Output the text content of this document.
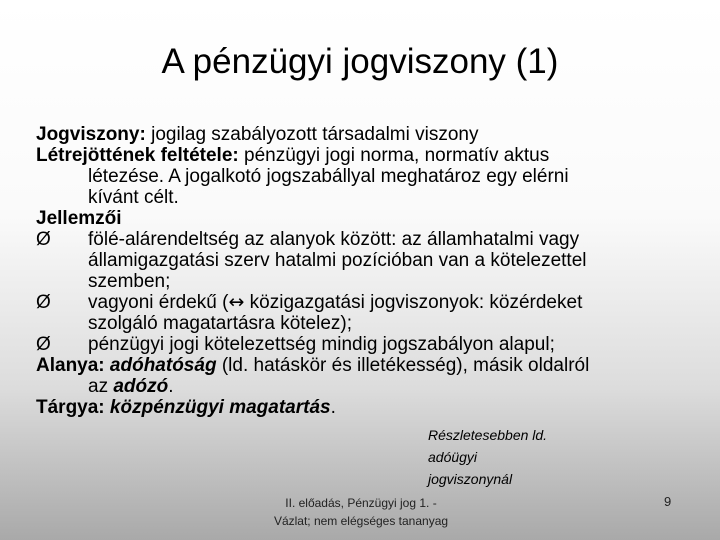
A pénzügyi jogviszony (1)

Jogviszony: jogilag szabályozott társadalmi viszony

Létrejöttének feltétele: pénzügyi jogi norma, normatív aktus
létezése. A jogalkotó jogszabállyal meghatároz egy elérni
kívánt célt.

Jellemzői

Ø	fölé-alárendeltség az alanyok között: az államhatalmi vagy
államigazgatási szerv hatalmi pozícióban van a kötelezettel
szemben;
Ø	vagyoni érdekű (↔ közigazgatási jogviszonyok: közérdeket
szolgáló magatartásra kötelez);
Ø	pénzügyi jogi kötelezettség mindig jogszabályon alapul;

Alanya: adóhatóság (ld. hatáskör és illetékesség), másik oldalról
az adózó.

Tárgya: közpénzügyi magatartás.

Részletesebben ld.
adóügyi
jogviszonynál
II. előadás, Pénzügyi jog 1. -
Vázlat; nem elégséges tananyag
9
